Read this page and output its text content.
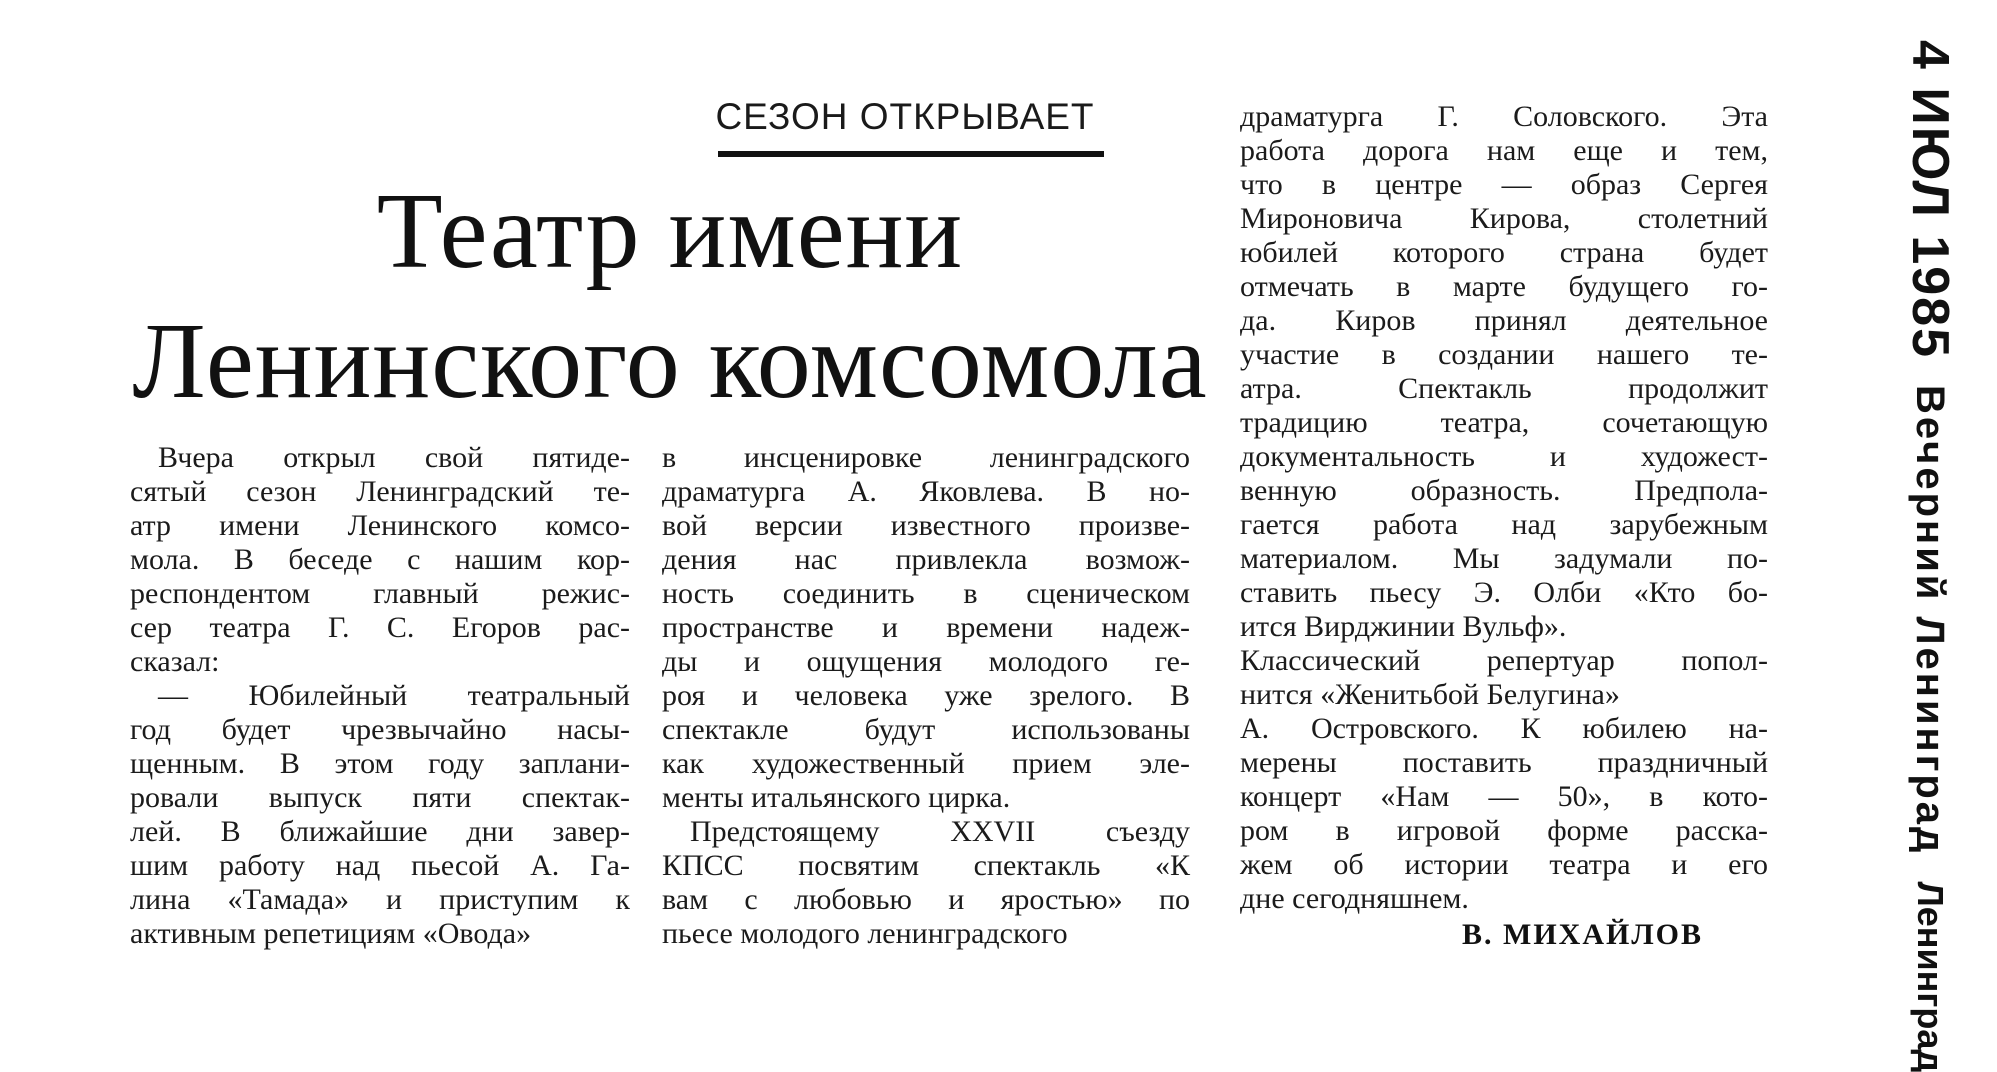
СЕЗОН ОТКРЫВАЕТ
Театр имени
Ленинского комсомола
Вчера открыл свой пятиде-
сятый сезон Ленинградский те-
атр имени Ленинского комсо-
мола. В беседе с нашим кор-
респондентом главный режис-
сер театра Г. С. Егоров рас-
сказал:
— Юбилейный театральный
год будет чрезвычайно насы-
щенным. В этом году заплани-
ровали выпуск пяти спектак-
лей. В ближайшие дни завер-
шим работу над пьесой А. Га-
лина «Тамада» и приступим к
активным репетициям «Овода»
в инсценировке ленинградского
драматурга А. Яковлева. В но-
вой версии известного произве-
дения нас привлекла возмож-
ность соединить в сценическом
пространстве и времени надеж-
ды и ощущения молодого ге-
роя и человека уже зрелого. В
спектакле будут использованы
как художественный прием эле-
менты итальянского цирка.
Предстоящему XXVII съезду
КПСС посвятим спектакль «К
вам с любовью и яростью» по
пьесе молодого ленинградского
драматурга Г. Соловского. Эта
работа дорога нам еще и тем,
что в центре — образ Сергея
Мироновича Кирова, столетний
юбилей которого страна будет
отмечать в марте будущего го-
да. Киров принял деятельное
участие в создании нашего те-
атра. Спектакль продолжит
традицию театра, сочетающую
документальность и художест-
венную образность. Предпола-
гается работа над зарубежным
материалом. Мы задумали по-
ставить пьесу Э. Олби «Кто бо-
ится Вирджинии Вульф».
Классический репертуар попол-
нится «Женитьбой Белугина»
А. Островского. К юбилею на-
мерены поставить праздничный
концерт «Нам — 50», в кото-
ром в игровой форме расска-
жем об истории театра и его
дне сегодняшнем.
В. МИХАЙЛОВ
4 ИЮЛ 1985
Вечерний Ленинград
Ленинград
